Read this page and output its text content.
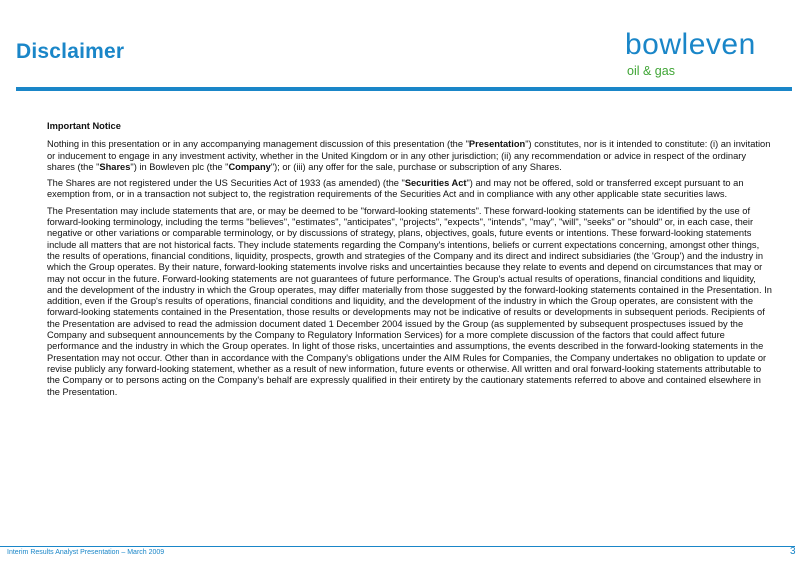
Disclaimer	bowleven
oil & gas
Important Notice

Nothing in this presentation or in any accompanying management discussion of this presentation (the "Presentation") constitutes, nor is it intended to constitute: (i) an invitation or inducement to engage in any investment activity, whether in the United Kingdom or in any other jurisdiction; (ii) any recommendation or advice in respect of the ordinary shares (the "Shares") in Bowleven plc (the "Company"); or (iii) any offer for the sale, purchase or subscription of any Shares.

The Shares are not registered under the US Securities Act of 1933 (as amended) (the "Securities Act") and may not be offered, sold or transferred except pursuant to an exemption from, or in a transaction not subject to, the registration requirements of the Securities Act and in compliance with any other applicable state securities laws.

The Presentation may include statements that are, or may be deemed to be "forward-looking statements". These forward-looking statements can be identified by the use of forward-looking terminology, including the terms "believes", "estimates", "anticipates", "projects", "expects", "intends", "may", "will", "seeks" or "should" or, in each case, their negative or other variations or comparable terminology, or by discussions of strategy, plans, objectives, goals, future events or intentions. These forward-looking statements include all matters that are not historical facts. They include statements regarding the Company's intentions, beliefs or current expectations concerning, amongst other things, the results of operations, financial conditions, liquidity, prospects, growth and strategies of the Company and its direct and indirect subsidiaries (the 'Group') and the industry in which the Group operates. By their nature, forward-looking statements involve risks and uncertainties because they relate to events and depend on circumstances that may or may not occur in the future. Forward-looking statements are not guarantees of future performance. The Group's actual results of operations, financial conditions and liquidity, and the development of the industry in which the Group operates, may differ materially from those suggested by the forward-looking statements contained in the Presentation. In addition, even if the Group's results of operations, financial conditions and liquidity, and the development of the industry in which the Group operates, are consistent with the forward-looking statements contained in the Presentation, those results or developments may not be indicative of results or developments in subsequent periods. Recipients of the Presentation are advised to read the admission document dated 1 December 2004 issued by the Group (as supplemented by subsequent prospectuses issued by the Company and subsequent announcements by the Company to Regulatory Information Services) for a more complete discussion of the factors that could affect future performance and the industry in which the Group operates. In light of those risks, uncertainties and assumptions, the events described in the forward-looking statements in the Presentation may not occur. Other than in accordance with the Company's obligations under the AIM Rules for Companies, the Company undertakes no obligation to update or revise publicly any forward-looking statement, whether as a result of new information, future events or otherwise. All written and oral forward-looking statements attributable to the Company or to persons acting on the Company's behalf are expressly qualified in their entirety by the cautionary statements referred to above and contained elsewhere in the Presentation.

Interim Results Analyst Presentation – March 2009	3
